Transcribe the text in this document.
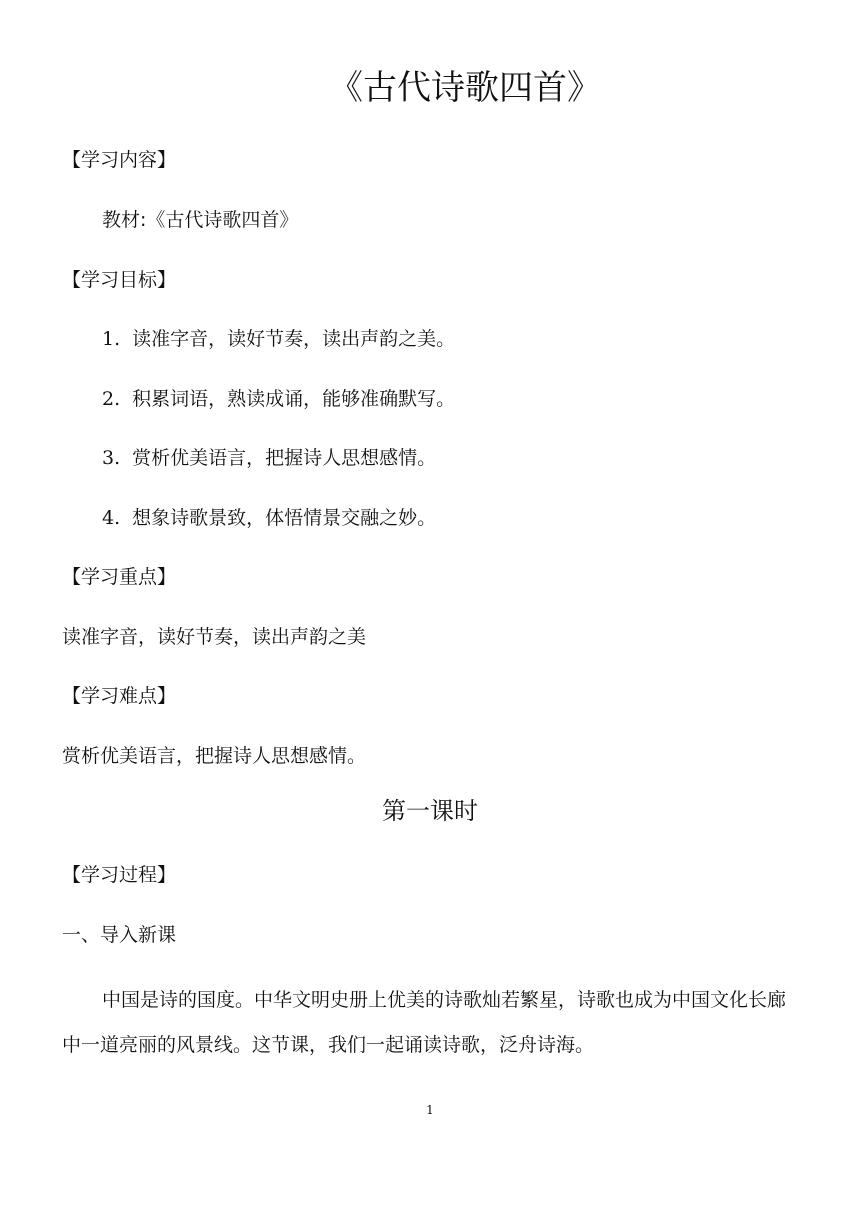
《古代诗歌四首》
【学习内容】
教材:《古代诗歌四首》
【学习目标】
1. 读准字音，读好节奏，读出声韵之美。
2. 积累词语，熟读成诵，能够准确默写。
3. 赏析优美语言，把握诗人思想感情。
4. 想象诗歌景致，体悟情景交融之妙。
【学习重点】
读准字音，读好节奏，读出声韵之美
【学习难点】
赏析优美语言，把握诗人思想感情。
第一课时
【学习过程】
一、导入新课
中国是诗的国度。中华文明史册上优美的诗歌灿若繁星，诗歌也成为中国文化长廊中一道亮丽的风景线。这节课，我们一起诵读诗歌，泛舟诗海。
1
